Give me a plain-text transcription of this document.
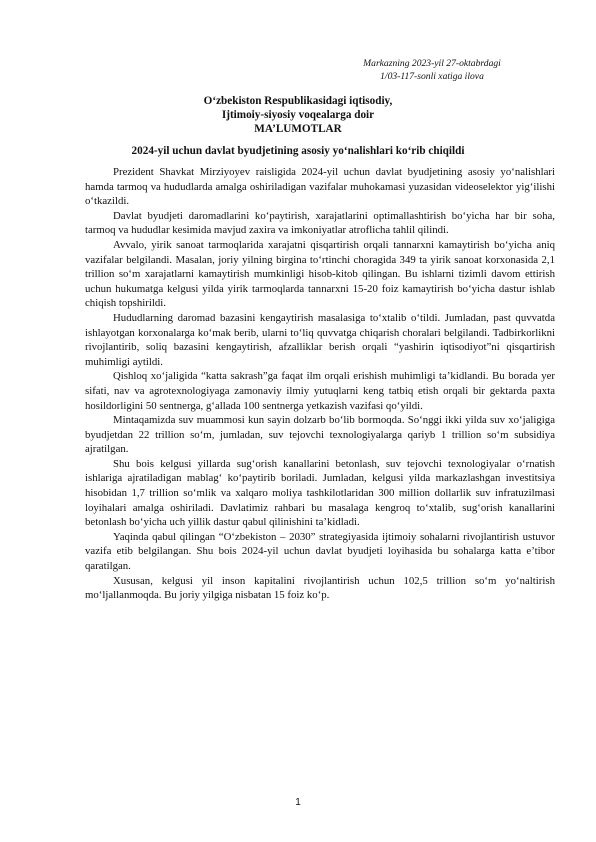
Markazning 2023-yil 27-oktabrdagi
1/03-117-sonli xatiga ilova
O‘zbekiston Respublikasidagi iqtisodiy,
Ijtimoiy-siyosiy voqealarga doir
MA’LUMOTLAR
2024-yil uchun davlat byudjetining asosiy yo‘nalishlari ko‘rib chiqildi

Prezident Shavkat Mirziyoyev raisligida 2024-yil uchun davlat byudjetining asosiy yo‘nalishlari hamda tarmoq va hududlarda amalga oshiriladigan vazifalar muhokamasi yuzasidan videoselektor yig‘ilishi o‘tkazildi.

Davlat byudjeti daromadlarini ko‘paytirish, xarajatlarini optimallashtirish bo‘yicha har bir soha, tarmoq va hududlar kesimida mavjud zaxira va imkoniyatlar atroflicha tahlil qilindi.

Avvalo, yirik sanoat tarmoqlarida xarajatni qisqartirish orqali tannarxni kamaytirish bo‘yicha aniq vazifalar belgilandi. Masalan, joriy yilning birgina to‘rtinchi choragida 349 ta yirik sanoat korxonasida 2,1 trillion so‘m xarajatlarni kamaytirish mumkinligi hisob-kitob qilingan. Bu ishlarni tizimli davom ettirish uchun hukumatga kelgusi yilda yirik tarmoqlarda tannarxni 15-20 foiz kamaytirish bo‘yicha dastur ishlab chiqish topshirildi.

Hududlarning daromad bazasini kengaytirish masalasiga to‘xtalib o‘tildi. Jumladan, past quvvatda ishlayotgan korxonalarga ko‘mak berib, ularni to‘liq quvvatga chiqarish choralari belgilandi. Tadbirkorlikni rivojlantirib, soliq bazasini kengaytirish, afzalliklar berish orqali “yashirin iqtisodiyot”ni qisqartirish muhimligi aytildi.

Qishloq xo‘jaligida “katta sakrash”ga faqat ilm orqali erishish muhimligi ta’kidlandi. Bu borada yer sifati, nav va agrotexnologiyaga zamonaviy ilmiy yutuqlarni keng tatbiq etish orqali bir gektarda paxta hosildorligini 50 sentnerga, g‘allada 100 sentnerga yetkazish vazifasi qo‘yildi.

Mintaqamizda suv muammosi kun sayin dolzarb bo‘lib bormoqda. So‘nggi ikki yilda suv xo‘jaligiga byudjetdan 22 trillion so‘m, jumladan, suv tejovchi texnologiyalarga qariyb 1 trillion so‘m subsidiya ajratilgan.

Shu bois kelgusi yillarda sug‘orish kanallarini betonlash, suv tejovchi texnologiyalar o‘rnatish ishlariga ajratiladigan mablag‘ ko‘paytirib boriladi. Jumladan, kelgusi yilda markazlashgan investitsiya hisobidan 1,7 trillion so‘mlik va xalqaro moliya tashkilotlaridan 300 million dollarlik suv infratuzilmasi loyihalari amalga oshiriladi. Davlatimiz rahbari bu masalaga kengroq to‘xtalib, sug‘orish kanallarini betonlash bo‘yicha uch yillik dastur qabul qilinishini ta’kidladi.

Yaqinda qabul qilingan “O‘zbekiston – 2030” strategiyasida ijtimoiy sohalarni rivojlantirish ustuvor vazifa etib belgilangan. Shu bois 2024-yil uchun davlat byudjeti loyihasida bu sohalarga katta e’tibor qaratilgan.

Xususan, kelgusi yil inson kapitalini rivojlantirish uchun 102,5 trillion so‘m yo‘naltirish mo‘ljallanmoqda. Bu joriy yilgiga nisbatan 15 foiz ko‘p.

1
